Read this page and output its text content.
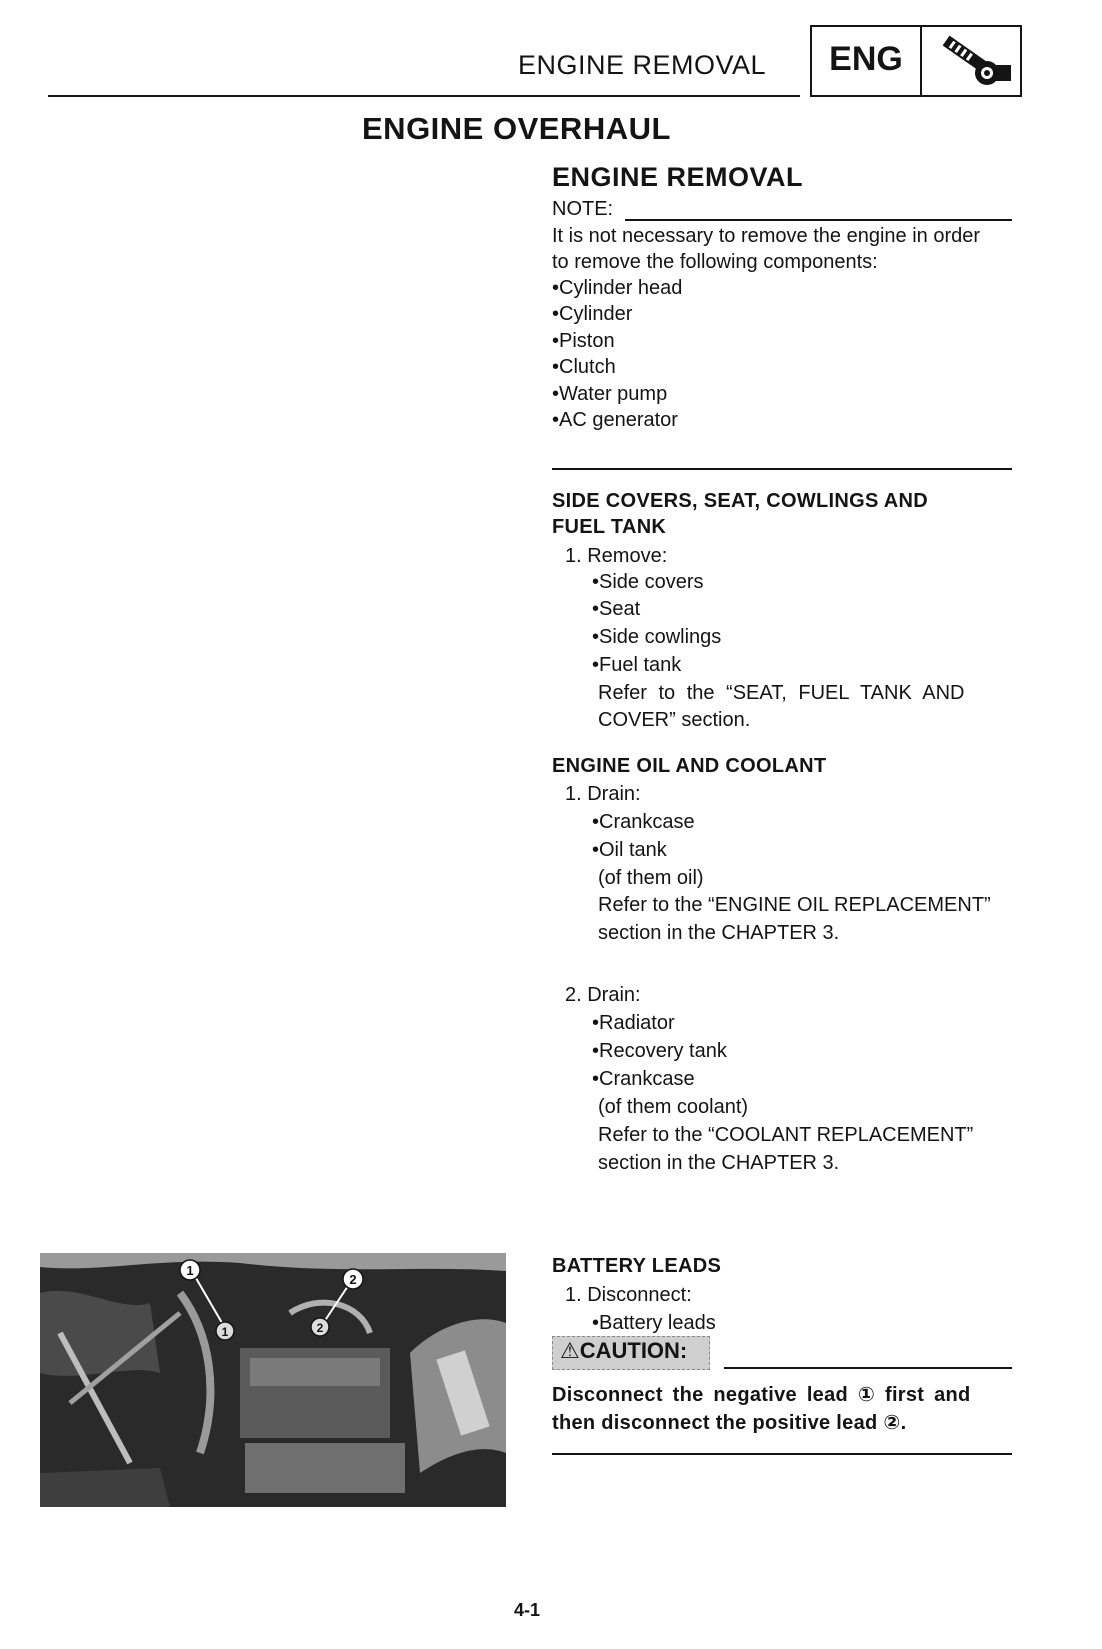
ENGINE REMOVAL	ENG
ENGINE OVERHAUL
ENGINE REMOVAL
NOTE:
It is not necessary to remove the engine in order
to remove the following components:
•Cylinder head
•Cylinder
•Piston
•Clutch
•Water pump
•AC generator
SIDE COVERS, SEAT, COWLINGS AND
FUEL TANK
1. Remove:
•Side covers
•Seat
•Side cowlings
•Fuel tank
Refer to the “SEAT, FUEL TANK AND
COVER” section.
ENGINE OIL AND COOLANT
1. Drain:
•Crankcase
•Oil tank
(of them oil)
Refer to the “ENGINE OIL REPLACEMENT”
section in the CHAPTER 3.
2. Drain:
•Radiator
•Recovery tank
•Crankcase
(of them coolant)
Refer to the “COOLANT REPLACEMENT”
section in the CHAPTER 3.
1
2
1	2
BATTERY LEADS
1. Disconnect:
•Battery leads
⚠CAUTION:
Disconnect the negative lead ① first and
then disconnect the positive lead ②.
4-1
